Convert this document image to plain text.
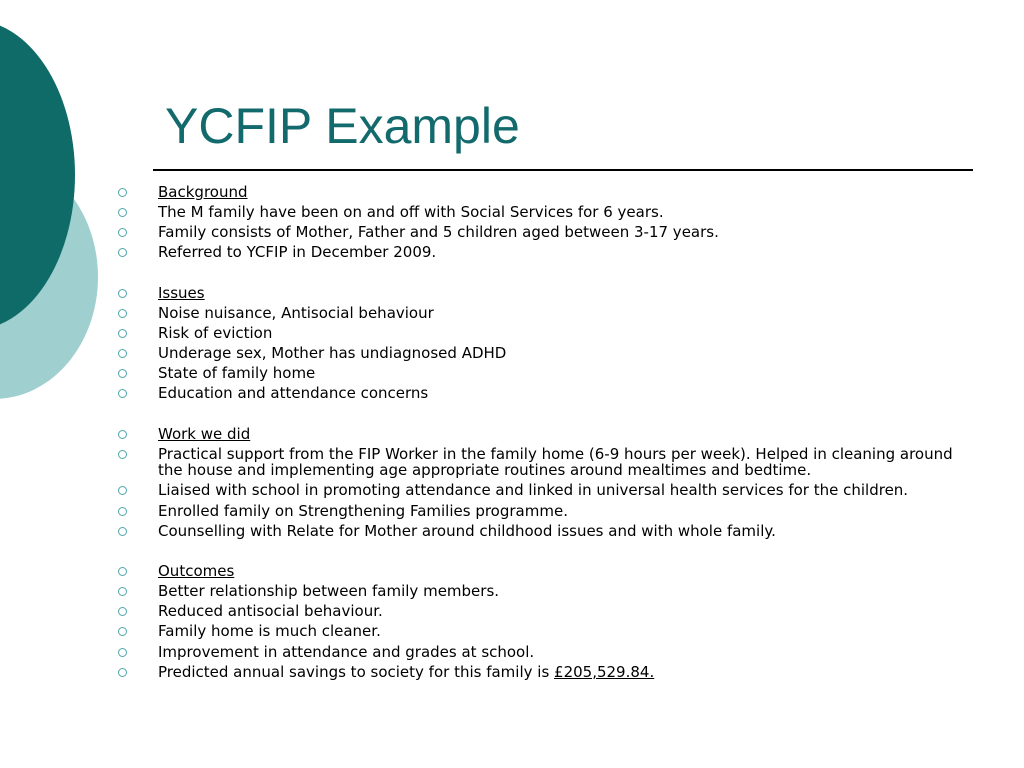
YCFIP Example
Background
The M family have been on and off with Social Services for 6 years.
Family consists of Mother, Father and 5 children aged between 3-17 years.
Referred to YCFIP in December 2009.
Issues
Noise nuisance, Antisocial behaviour
Risk of eviction
Underage sex, Mother has undiagnosed ADHD
State of family home
Education and attendance concerns
Work we did
Practical support from the FIP Worker in the family home (6-9 hours per week). Helped in cleaning around the house and implementing age appropriate routines around mealtimes and bedtime.
Liaised with school in promoting attendance and linked in universal health services for the children.
Enrolled family on Strengthening Families programme.
Counselling with Relate for Mother around childhood issues and with whole family.
Outcomes
Better relationship between family members.
Reduced antisocial behaviour.
Family home is much cleaner.
Improvement in attendance and grades at school.
Predicted annual savings to society for this family is £205,529.84.
